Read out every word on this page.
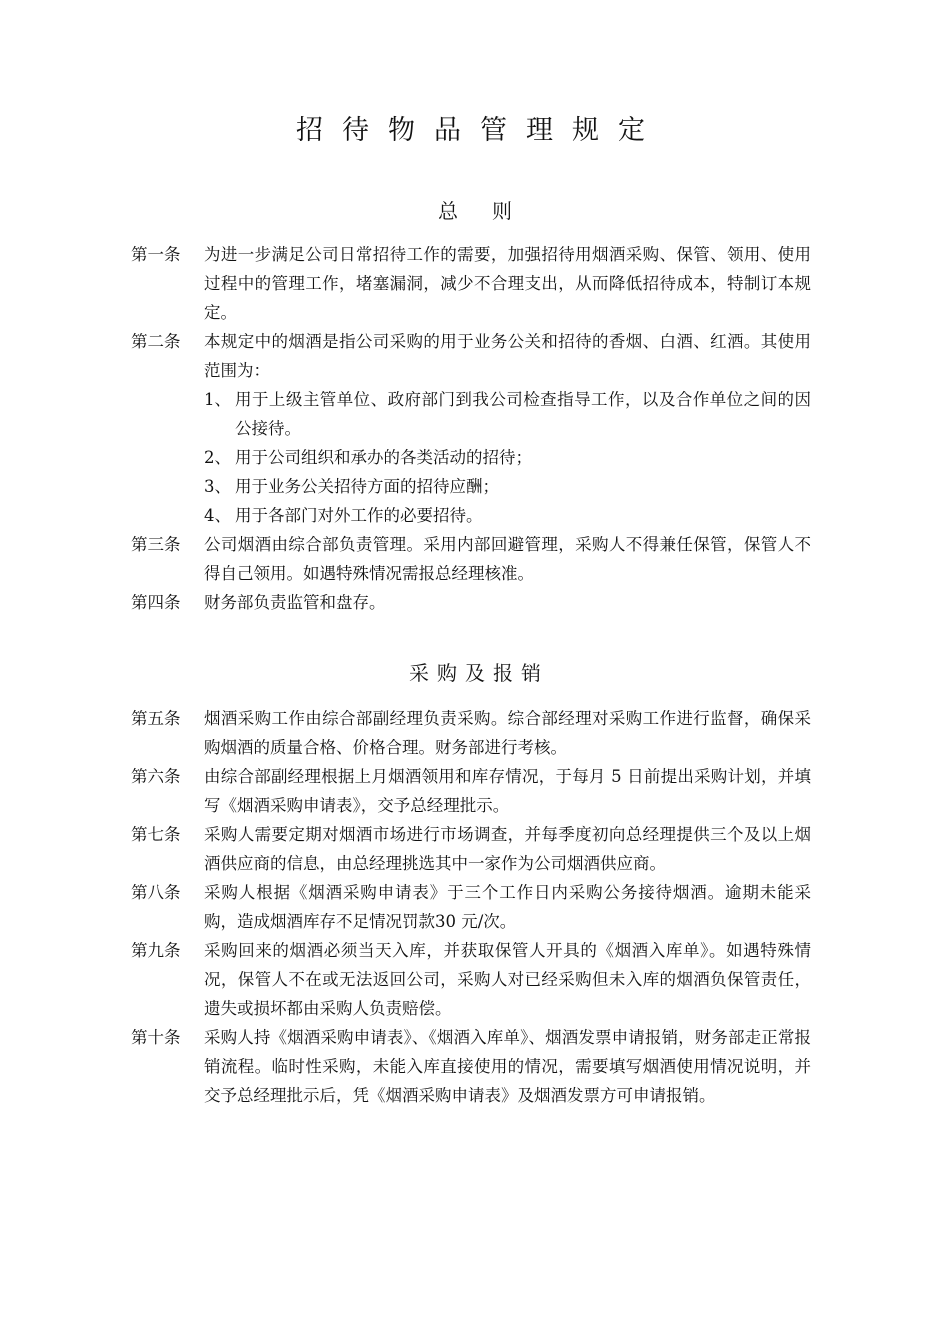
招待物品管理规定
总则
第一条	为进一步满足公司日常招待工作的需要，加强招待用烟酒采购、保管、领用、使用过程中的管理工作，堵塞漏洞，减少不合理支出，从而降低招待成本，特制订本规定。
第二条	本规定中的烟酒是指公司采购的用于业务公关和招待的香烟、白酒、红酒。其使用范围为：
1、 用于上级主管单位、政府部门到我公司检查指导工作，以及合作单位之间的因公接待。
2、 用于公司组织和承办的各类活动的招待；
3、 用于业务公关招待方面的招待应酬；
4、 用于各部门对外工作的必要招待。
第三条	公司烟酒由综合部负责管理。采用内部回避管理，采购人不得兼任保管，保管人不得自己领用。如遇特殊情况需报总经理核准。
第四条	财务部负责监管和盘存。
采购及报销
第五条	烟酒采购工作由综合部副经理负责采购。综合部经理对采购工作进行监督，确保采购烟酒的质量合格、价格合理。财务部进行考核。
第六条	由综合部副经理根据上月烟酒领用和库存情况，于每月 5 日前提出采购计划，并填写《烟酒采购申请表》，交予总经理批示。
第七条	采购人需要定期对烟酒市场进行市场调查，并每季度初向总经理提供三个及以上烟酒供应商的信息，由总经理挑选其中一家作为公司烟酒供应商。
第八条	采购人根据《烟酒采购申请表》于三个工作日内采购公务接待烟酒。逾期未能采购，造成烟酒库存不足情况罚款30 元/次。
第九条	采购回来的烟酒必须当天入库，并获取保管人开具的《烟酒入库单》。如遇特殊情况，保管人不在或无法返回公司，采购人对已经采购但未入库的烟酒负保管责任，遗失或损坏都由采购人负责赔偿。
第十条	采购人持《烟酒采购申请表》、《烟酒入库单》、烟酒发票申请报销，财务部走正常报销流程。临时性采购，未能入库直接使用的情况，需要填写烟酒使用情况说明，并交予总经理批示后，凭《烟酒采购申请表》及烟酒发票方可申请报销。
